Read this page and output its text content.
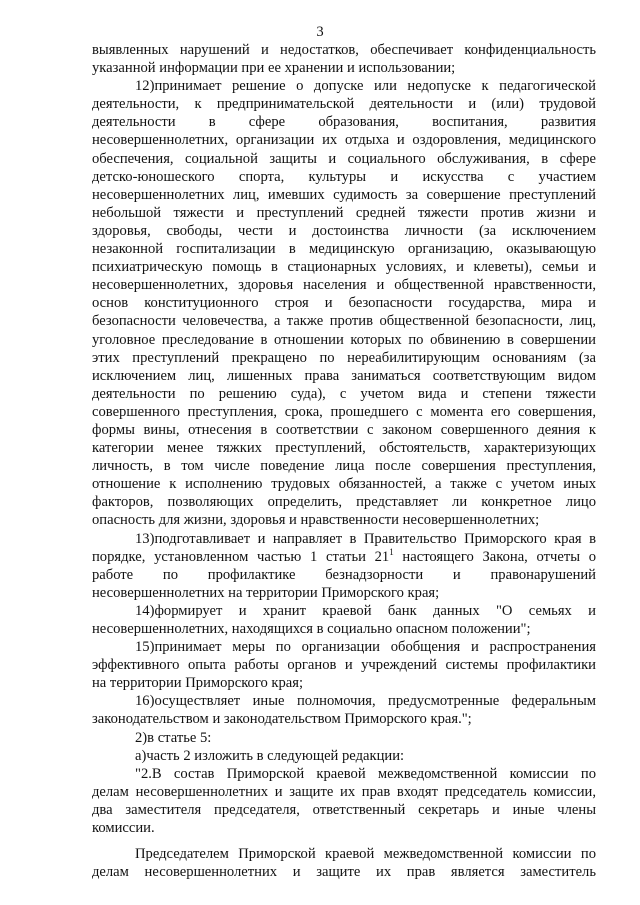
3
выявленных нарушений и недостатков, обеспечивает конфиденциальность
указанной информации при ее хранении и использовании;
12)принимает решение о допуске или недопуске к педагогической
деятельности, к предпринимательской деятельности и (или) трудовой
деятельности в сфере образования, воспитания, развития
несовершеннолетних, организации их отдыха и оздоровления, медицинского
обеспечения, социальной защиты и социального обслуживания, в сфере
детско-юношеского спорта, культуры и искусства с участием
несовершеннолетних лиц, имевших судимость за совершение преступлений
небольшой тяжести и преступлений средней тяжести против жизни и
здоровья, свободы, чести и достоинства личности (за исключением
незаконной госпитализации в медицинскую организацию, оказывающую
психиатрическую помощь в стационарных условиях, и клеветы), семьи и
несовершеннолетних, здоровья населения и общественной нравственности,
основ конституционного строя и безопасности государства, мира и
безопасности человечества, а также против общественной безопасности, лиц,
уголовное преследование в отношении которых по обвинению в совершении
этих преступлений прекращено по нереабилитирующим основаниям (за
исключением лиц, лишенных права заниматься соответствующим видом
деятельности по решению суда), с учетом вида и степени тяжести
совершенного преступления, срока, прошедшего с момента его совершения,
формы вины, отнесения в соответствии с законом совершенного деяния к
категории менее тяжких преступлений, обстоятельств, характеризующих
личность, в том числе поведение лица после совершения преступления,
отношение к исполнению трудовых обязанностей, а также с учетом иных
факторов, позволяющих определить, представляет ли конкретное лицо
опасность для жизни, здоровья и нравственности несовершеннолетних;
13)подготавливает и направляет в Правительство Приморского края в
порядке, установленном частью 1 статьи $21^1$ настоящего Закона, отчеты о
работе по профилактике безнадзорности и правонарушений
несовершеннолетних на территории Приморского края;
14)формирует и хранит краевой банк данных "О семьях и
несовершеннолетних, находящихся в социально опасном положении";
15)принимает меры по организации обобщения и распространения
эффективного опыта работы органов и учреждений системы профилактики
на территории Приморского края;
16)осуществляет иные полномочия, предусмотренные федеральным
законодательством и законодательством Приморского края.";
2)в статье 5:
а)часть 2 изложить в следующей редакции:
"2.В состав Приморской краевой межведомственной комиссии по
делам несовершеннолетних и защите их прав входят председатель комиссии,
два заместителя председателя, ответственный секретарь и иные члены
комиссии.
Председателем Приморской краевой межведомственной комиссии по
делам несовершеннолетних и защите их прав является заместитель
